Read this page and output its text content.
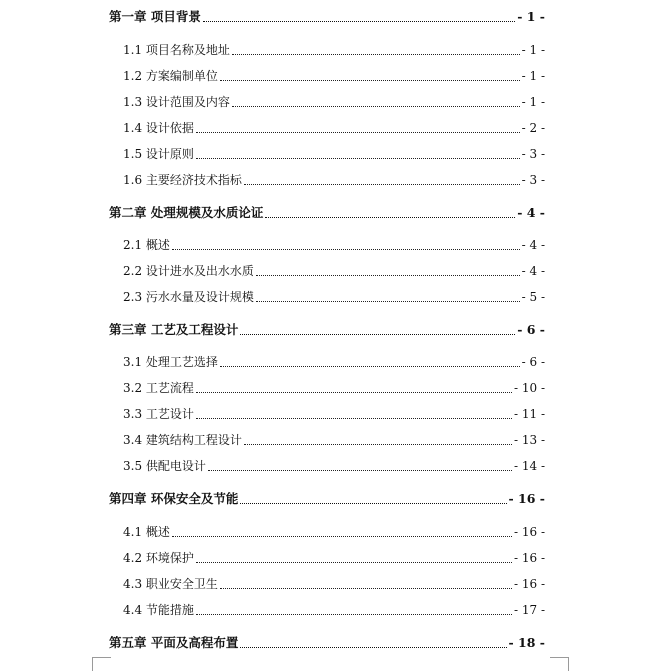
第一章 项目背景	- 1 -
1.1 项目名称及地址	- 1 -
1.2 方案编制单位	- 1 -
1.3 设计范围及内容	- 1 -
1.4 设计依据	- 2 -
1.5 设计原则	- 3 -
1.6 主要经济技术指标	- 3 -
第二章 处理规模及水质论证	- 4 -
2.1 概述	- 4 -
2.2 设计进水及出水水质	- 4 -
2.3 污水水量及设计规模	- 5 -
第三章 工艺及工程设计	- 6 -
3.1 处理工艺选择	- 6 -
3.2 工艺流程	- 10 -
3.3 工艺设计	- 11 -
3.4 建筑结构工程设计	- 13 -
3.5 供配电设计	- 14 -
第四章 环保安全及节能	- 16 -
4.1 概述	- 16 -
4.2 环境保护	- 16 -
4.3 职业安全卫生	- 16 -
4.4 节能措施	- 17 -
第五章 平面及高程布置	- 18 -
